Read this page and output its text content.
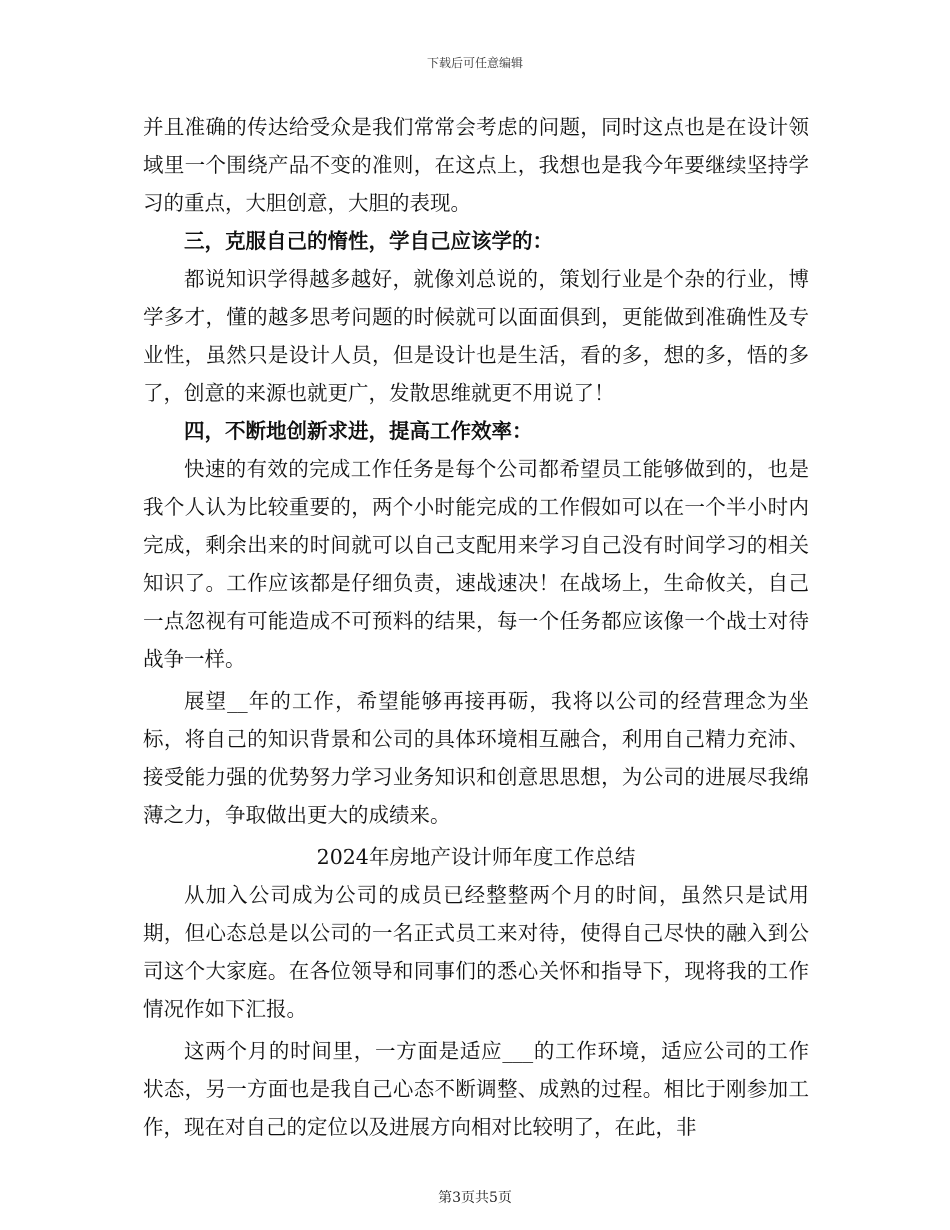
下载后可任意编辑

并且准确的传达给受众是我们常常会考虑的问题，同时这点也是在设计领域里一个围绕产品不变的准则，在这点上，我想也是我今年要继续坚持学习的重点，大胆创意，大胆的表现。

三，克服自己的惰性，学自己应该学的：

都说知识学得越多越好，就像刘总说的，策划行业是个杂的行业，博学多才，懂的越多思考问题的时候就可以面面俱到，更能做到准确性及专业性，虽然只是设计人员，但是设计也是生活，看的多，想的多，悟的多了，创意的来源也就更广，发散思维就更不用说了！

四，不断地创新求进，提高工作效率：

快速的有效的完成工作任务是每个公司都希望员工能够做到的，也是我个人认为比较重要的，两个小时能完成的工作假如可以在一个半小时内完成，剩余出来的时间就可以自己支配用来学习自己没有时间学习的相关知识了。工作应该都是仔细负责，速战速决！在战场上，生命攸关，自己一点忽视有可能造成不可预料的结果，每一个任务都应该像一个战士对待战争一样。

展望__年的工作，希望能够再接再砺，我将以公司的经营理念为坐标，将自己的知识背景和公司的具体环境相互融合，利用自己精力充沛、接受能力强的优势努力学习业务知识和创意思思想，为公司的进展尽我绵薄之力，争取做出更大的成绩来。

2024年房地产设计师年度工作总结

从加入公司成为公司的成员已经整整两个月的时间，虽然只是试用期，但心态总是以公司的一名正式员工来对待，使得自己尽快的融入到公司这个大家庭。在各位领导和同事们的悉心关怀和指导下，现将我的工作情况作如下汇报。

这两个月的时间里，一方面是适应___的工作环境，适应公司的工作状态，另一方面也是我自己心态不断调整、成熟的过程。相比于刚参加工作，现在对自己的定位以及进展方向相对比较明了，在此，非

第3页共5页
